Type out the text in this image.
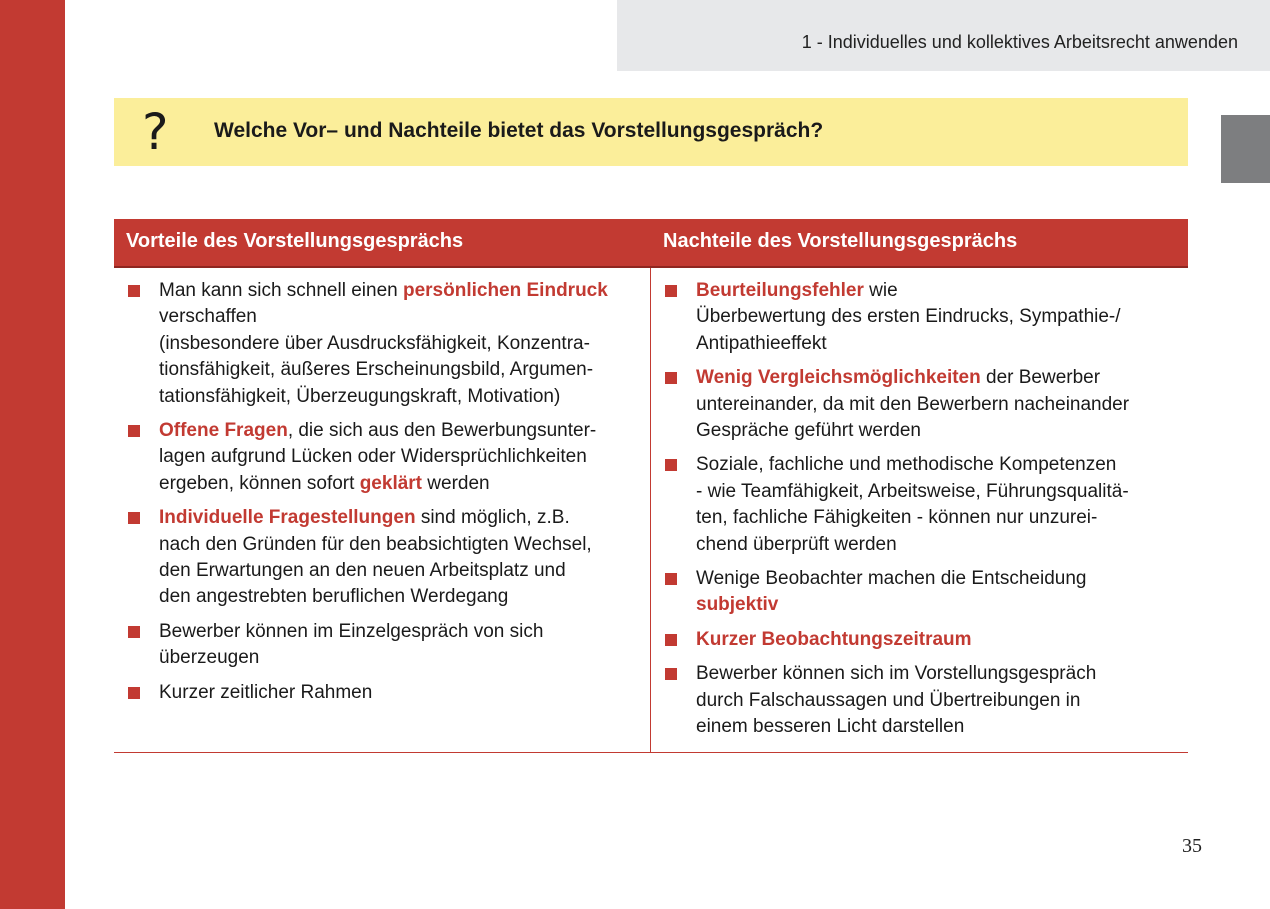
1 - Individuelles und kollektives Arbeitsrecht anwenden
? Welche Vor– und Nachteile bietet das Vorstellungsgespräch?
Vorteile des Vorstellungsgesprächs	Nachteile des Vorstellungsgesprächs
Man kann sich schnell einen persönlichen Eindruck
verschaffen
(insbesondere über Ausdrucksfähigkeit, Konzentra-
tionsfähigkeit, äußeres Erscheinungsbild, Argumen-
tationsfähigkeit, Überzeugungskraft, Motivation)
Offene Fragen, die sich aus den Bewerbungsunter-
lagen aufgrund Lücken oder Widersprüchlichkeiten
ergeben, können sofort geklärt werden
Individuelle Fragestellungen sind möglich, z.B.
nach den Gründen für den beabsichtigten Wechsel,
den Erwartungen an den neuen Arbeitsplatz und
den angestrebten beruflichen Werdegang
Bewerber können im Einzelgespräch von sich
überzeugen
Kurzer zeitlicher Rahmen
Beurteilungsfehler wie
Überbewertung des ersten Eindrucks, Sympathie-/
Antipathieeffekt
Wenig Vergleichsmöglichkeiten der Bewerber
untereinander, da mit den Bewerbern nacheinander
Gespräche geführt werden
Soziale, fachliche und methodische Kompetenzen
- wie Teamfähigkeit, Arbeitsweise, Führungsqualitä-
ten, fachliche Fähigkeiten - können nur unzurei-
chend überprüft werden
Wenige Beobachter machen die Entscheidung
subjektiv
Kurzer Beobachtungszeitraum
Bewerber können sich im Vorstellungsgespräch
durch Falschaussagen und Übertreibungen in
einem besseren Licht darstellen
35
